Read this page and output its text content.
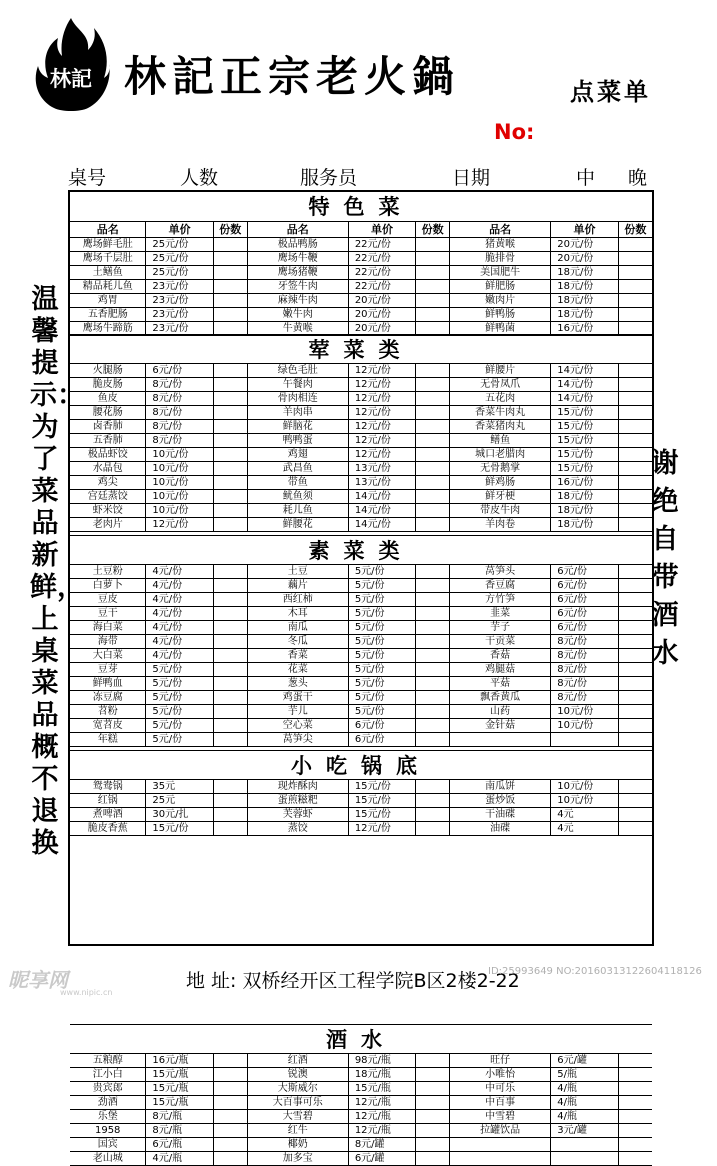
林記 林記正宗老火鍋	点菜单
No:
桌号	人数	服务员	日期	中 晚
特色菜
品名	单价	份数	品名	单价	份数	品名	单价	份数
鹰场鲜毛肚	25元/份		极品鸭肠	22元/份		猪黄喉	20元/份	
鹰场千层肚	25元/份		鹰场牛鞭	22元/份		脆排骨	20元/份	
土鳝鱼	25元/份		鹰场猪鞭	22元/份		美国肥牛	18元/份	
精品耗儿鱼	23元/份		牙签牛肉	22元/份		鲜肥肠	18元/份	
鸡胃	23元/份		麻辣牛肉	20元/份		嫩肉片	18元/份	
五香肥肠	23元/份		嫩牛肉	20元/份		鲜鸭肠	18元/份	
鹰场牛蹄筋	23元/份		牛黄喉	20元/份		鲜鸭菌	16元/份	
荤菜类
火腿肠	6元/份		绿色毛肚	12元/份		鲜腰片	14元/份	
脆皮肠	8元/份		午餐肉	12元/份		无骨凤爪	14元/份	
鱼皮	8元/份		骨肉相连	12元/份		五花肉	14元/份	
腰花肠	8元/份		羊肉串	12元/份		香菜牛肉丸	15元/份	
卤香肺	8元/份		鲜脑花	12元/份		香菜猪肉丸	15元/份	
五香肺	8元/份		鸭鸭蛋	12元/份		鳝鱼	15元/份	
极品虾饺	10元/份		鸡翅	12元/份		城口老腊肉	15元/份	
水晶包	10元/份		武昌鱼	13元/份		无骨鹅掌	15元/份	
鸡尖	10元/份		带鱼	13元/份		鲜鸡肠	16元/份	
宫廷蒸饺	10元/份		鱿鱼须	14元/份		鲜牙梗	18元/份	
虾米饺	10元/份		耗儿鱼	14元/份		带皮牛肉	18元/份	
老肉片	12元/份		鲜腰花	14元/份		羊肉卷	18元/份	
素菜类
土豆粉	4元/份		土豆	5元/份		莴笋头	6元/份	
白萝卜	4元/份		藕片	5元/份		香豆腐	6元/份	
豆皮	4元/份		西红柿	5元/份		方竹笋	6元/份	
豆干	4元/份		木耳	5元/份		韭菜	6元/份	
海白菜	4元/份		南瓜	5元/份		芋子	6元/份	
海带	4元/份		冬瓜	5元/份		干贡菜	8元/份	
大白菜	4元/份		香菜	5元/份		香菇	8元/份	
豆芽	5元/份		花菜	5元/份		鸡腿菇	8元/份	
鲜鸭血	5元/份		葱头	5元/份		平菇	8元/份	
冻豆腐	5元/份		鸡蛋干	5元/份		飘香黄瓜	8元/份	
苕粉	5元/份		芋儿	5元/份		山药	10元/份	
宽苕皮	5元/份		空心菜	6元/份		金针菇	10元/份	
年糕	5元/份		莴笋尖	6元/份				
小吃锅底
鸳鸯锅	35元		现炸酥肉	15元/份		南瓜饼	10元/份	
红锅	25元		蛋煎糍粑	15元/份		蛋炒饭	10元/份	
煮啤酒	30元/扎		芙蓉虾	15元/份		干油碟	4元	
脆皮香蕉	15元/份		蒸饺	12元/份		油碟	4元	
酒水
五粮醇	16元/瓶		红酒	98元/瓶		旺仔	6元/罐	
江小白	15元/瓶		锐澳	18元/瓶		小唯怡	5/瓶	
贵宾郎	15元/瓶		大斯威尔	15元/瓶		中可乐	4/瓶	
劲酒	15元/瓶		大百事可乐	12元/瓶		中百事	4/瓶	
乐堡	8元/瓶		大雪碧	12元/瓶		中雪碧	4/瓶	
1958	8元/瓶		红牛	12元/瓶		拉罐饮品	3元/罐	
国宾	6元/瓶		椰奶	8元/罐				
老山城	4元/瓶		加多宝	6元/罐				
温馨提示：为了菜品新鲜，上桌菜品概不退换
谢绝自带酒水
地 址: 双桥经开区工程学院B区2楼2-22
昵享网
www.nipic.cn
ID:25993649 NO:20160313122604118126
